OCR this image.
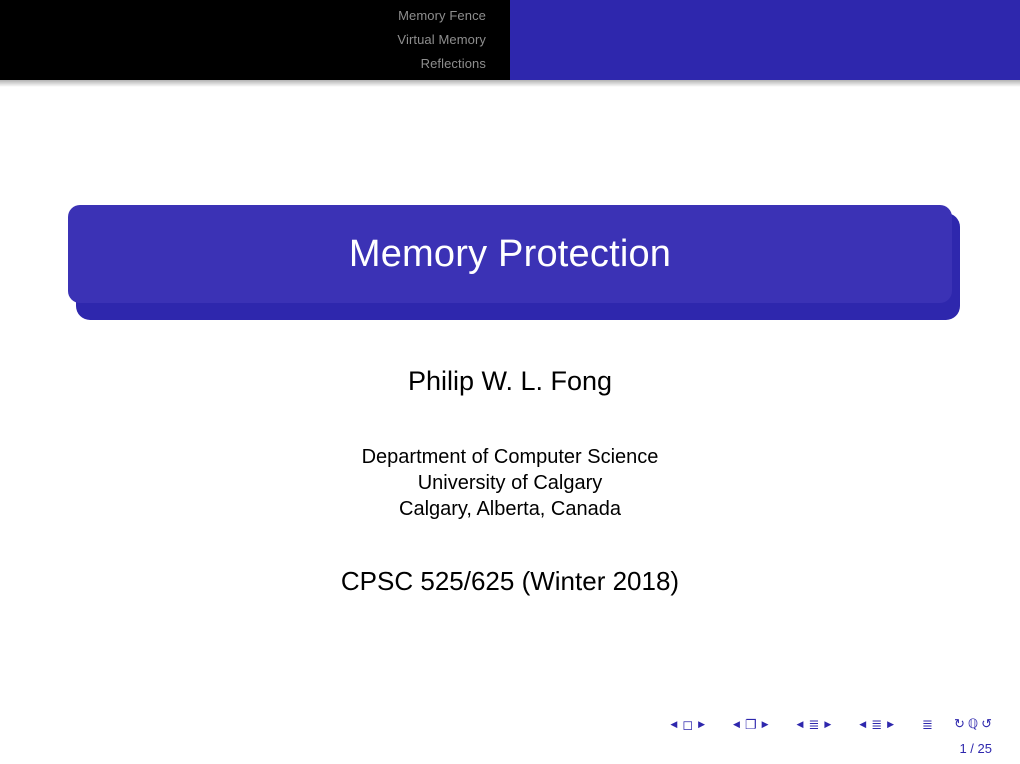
Memory Fence
Virtual Memory
Reflections
Memory Protection
Philip W. L. Fong
Department of Computer Science
University of Calgary
Calgary, Alberta, Canada
CPSC 525/625 (Winter 2018)
◀ ◻ ▶	◀ ❐ ▶	◀ ≣ ▶	◀ ≣ ▶ ≣ ↻ ℚ ↺
1 / 25
